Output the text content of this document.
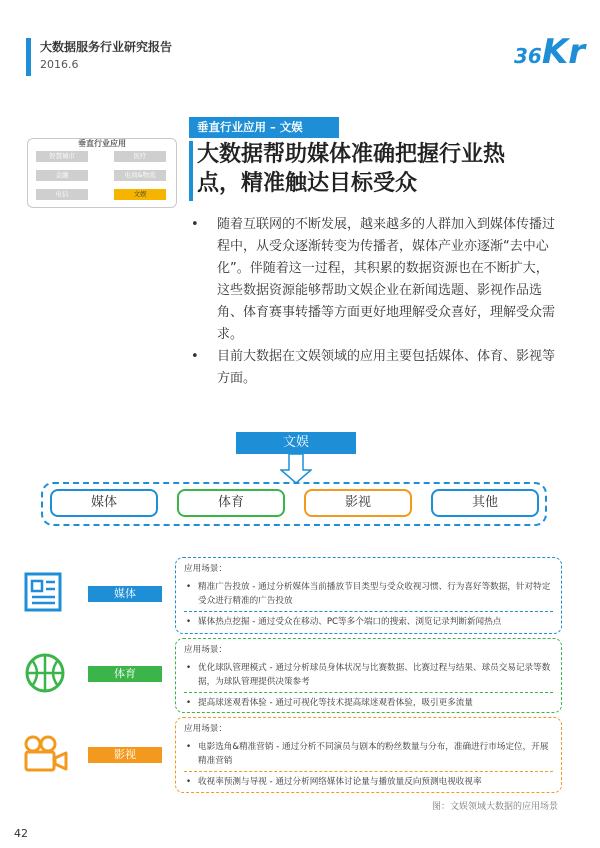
大数据服务行业研究报告
2016.6	36Kr
垂直行业应用
智慧城市	医疗
金融	电商&物流
电信	文娱
垂直行业应用 – 文娱
大数据帮助媒体准确把握行业热点，精准触达目标受众

• 随着互联网的不断发展，越来越多的人群加入到媒体传播过程中，从受众逐渐转变为传播者，媒体产业亦逐渐“去中心化”。伴随着这一过程，其积累的数据资源也在不断扩大，这些数据资源能够帮助文娱企业在新闻选题、影视作品选角、体育赛事转播等方面更好地理解受众喜好，理解受众需求。

• 目前大数据在文娱领域的应用主要包括媒体、体育、影视等方面。

文娱
媒体	体育	影视	其他
媒体
应用场景：
• 精准广告投放 - 通过分析媒体当前播放节目类型与受众收视习惯、行为喜好等数据，针对特定受众进行精准的广告投放
• 媒体热点挖掘 - 通过受众在移动、PC等多个端口的搜索、浏览记录判断新闻热点
体育
应用场景：
• 优化球队管理模式 - 通过分析球员身体状况与比赛数据、比赛过程与结果、球员交易记录等数据，为球队管理提供决策参考
• 提高球迷观看体验 - 通过可视化等技术提高球迷观看体验，吸引更多流量
影视
应用场景：
• 电影选角&精准营销 - 通过分析不同演员与剧本的粉丝数量与分布，准确进行市场定位，开展精准营销
• 收视率预测与导视 - 通过分析网络媒体讨论量与播放量反向预测电视收视率
图：文娱领域大数据的应用场景
42
